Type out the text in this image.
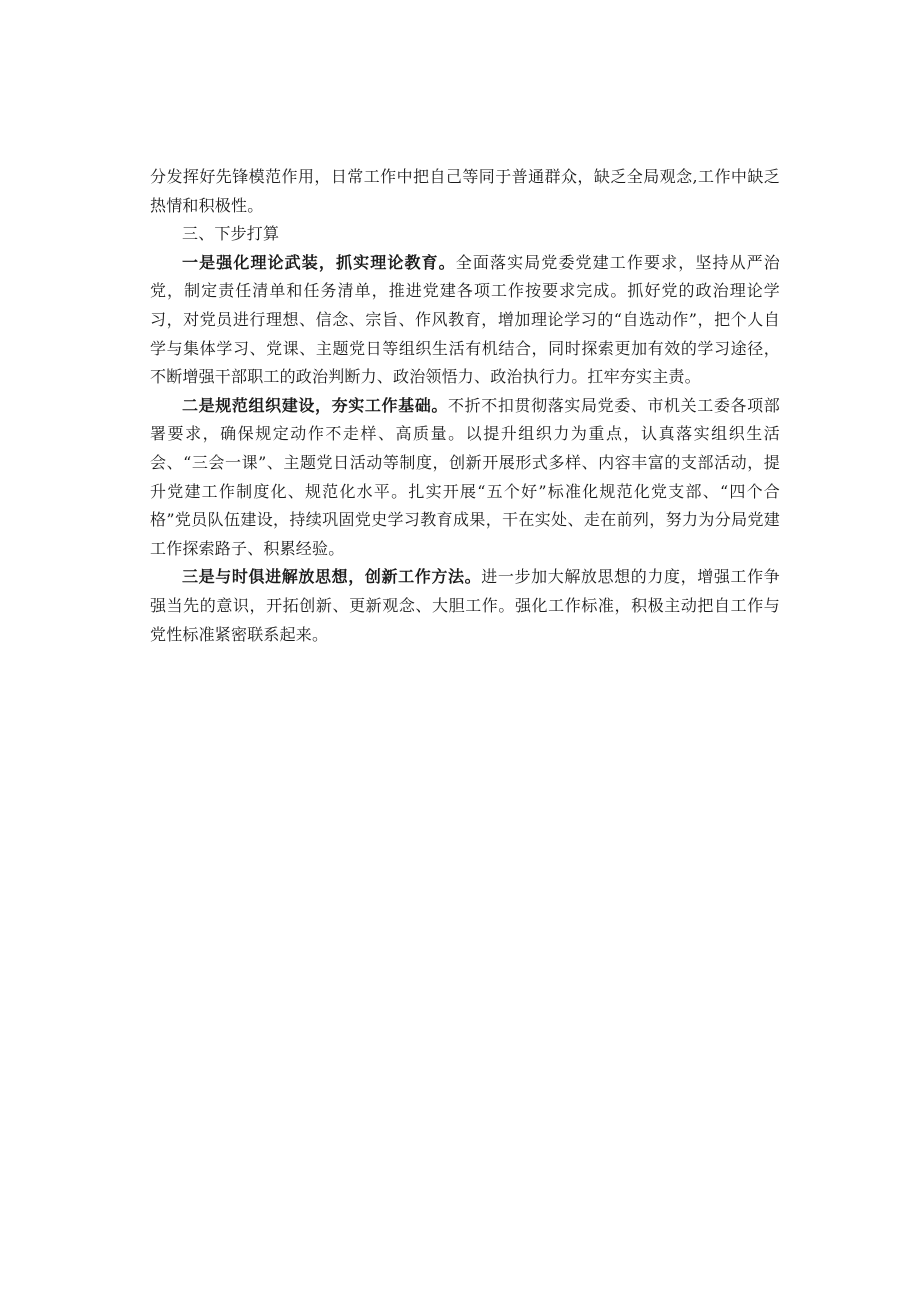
分发挥好先锋模范作用，日常工作中把自己等同于普通群众，缺乏全局观念,工作中缺乏热情和积极性。

三、下步打算

一是强化理论武装，抓实理论教育。全面落实局党委党建工作要求，坚持从严治党，制定责任清单和任务清单，推进党建各项工作按要求完成。抓好党的政治理论学习，对党员进行理想、信念、宗旨、作风教育，增加理论学习的“自选动作”，把个人自学与集体学习、党课、主题党日等组织生活有机结合，同时探索更加有效的学习途径，不断增强干部职工的政治判断力、政治领悟力、政治执行力。扛牢夯实主责。

二是规范组织建设，夯实工作基础。不折不扣贯彻落实局党委、市机关工委各项部署要求，确保规定动作不走样、高质量。以提升组织力为重点，认真落实组织生活会、“三会一课”、主题党日活动等制度，创新开展形式多样、内容丰富的支部活动，提升党建工作制度化、规范化水平。扎实开展“五个好”标准化规范化党支部、“四个合格”党员队伍建设，持续巩固党史学习教育成果，干在实处、走在前列，努力为分局党建工作探索路子、积累经验。

三是与时俱进解放思想，创新工作方法。进一步加大解放思想的力度，增强工作争强当先的意识，开拓创新、更新观念、大胆工作。强化工作标准，积极主动把自工作与党性标准紧密联系起来。
